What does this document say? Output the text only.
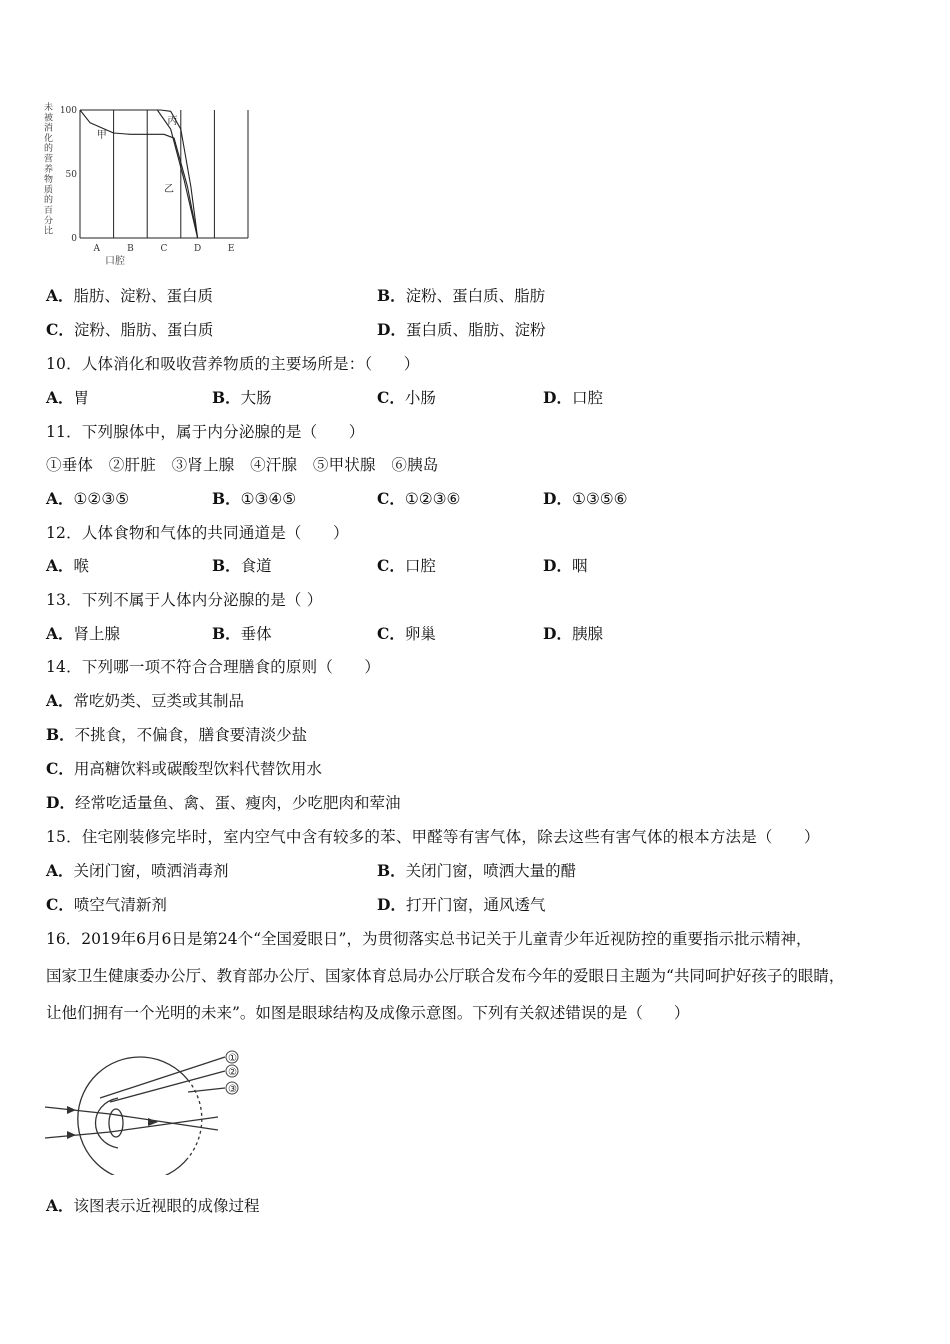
未被消化的营养物质的百分比
100
50
0
甲
乙
丙
A	B	C	D	E
口腔
A．脂肪、淀粉、蛋白质	B．淀粉、蛋白质、脂肪
C．淀粉、脂肪、蛋白质	D．蛋白质、脂肪、淀粉
10．人体消化和吸收营养物质的主要场所是：（　　）
A．胃	B．大肠	C．小肠	D．口腔
11．下列腺体中，属于内分泌腺的是（　　）
①垂体　②肝脏　③肾上腺　④汗腺　⑤甲状腺　⑥胰岛
A．①②③⑤	B．①③④⑤	C．①②③⑥	D．①③⑤⑥
12．人体食物和气体的共同通道是（　　）
A．喉	B．食道	C．口腔	D．咽
13．下列不属于人体内分泌腺的是（ ）
A．肾上腺	B．垂体	C．卵巢	D．胰腺
14．下列哪一项不符合合理膳食的原则（　　）
A．常吃奶类、豆类或其制品
B．不挑食，不偏食，膳食要清淡少盐
C．用高糖饮料或碳酸型饮料代替饮用水
D．经常吃适量鱼、禽、蛋、瘦肉，少吃肥肉和荤油
15．住宅刚装修完毕时，室内空气中含有较多的苯、甲醛等有害气体，除去这些有害气体的根本方法是（　　）
A．关闭门窗，喷洒消毒剂	B．关闭门窗，喷洒大量的醋
C．喷空气清新剂	D．打开门窗，通风透气
16．2019年6月6日是第24个“全国爱眼日”，为贯彻落实总书记关于儿童青少年近视防控的重要指示批示精神，
国家卫生健康委办公厅、教育部办公厅、国家体育总局办公厅联合发布今年的爱眼日主题为“共同呵护好孩子的眼睛，
让他们拥有一个光明的未来”。如图是眼球结构及成像示意图。下列有关叙述错误的是（　　）
①
②
③
A．该图表示近视眼的成像过程
